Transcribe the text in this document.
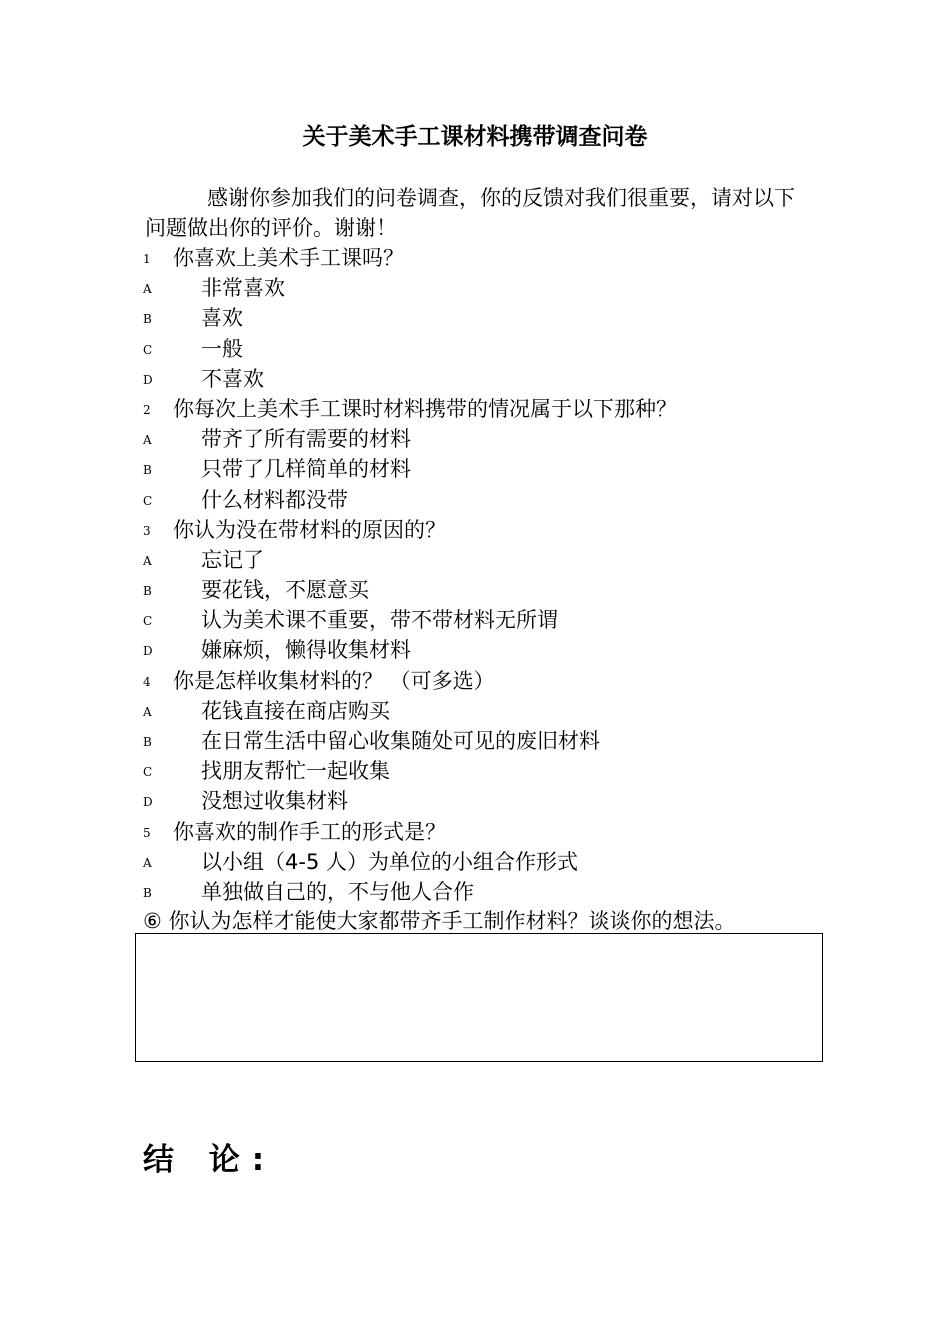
关于美术手工课材料携带调查问卷
感谢你参加我们的问卷调查，你的反馈对我们很重要，请对以下问题做出你的评价。谢谢！
1 你喜欢上美术手工课吗？
A 非常喜欢
B 喜欢
C 一般
D 不喜欢
2 你每次上美术手工课时材料携带的情况属于以下那种？
A 带齐了所有需要的材料
B 只带了几样简单的材料
C 什么材料都没带
3 你认为没在带材料的原因的？
A 忘记了
B 要花钱，不愿意买
C 认为美术课不重要，带不带材料无所谓
D 嫌麻烦，懒得收集材料
4 你是怎样收集材料的？ （可多选）
A 花钱直接在商店购买
B 在日常生活中留心收集随处可见的废旧材料
C 找朋友帮忙一起收集
D 没想过收集材料
5 你喜欢的制作手工的形式是？
A 以小组（4-5 人）为单位的小组合作形式
B 单独做自己的，不与他人合作
⑥ 你认为怎样才能使大家都带齐手工制作材料？谈谈你的想法。
结 论:
